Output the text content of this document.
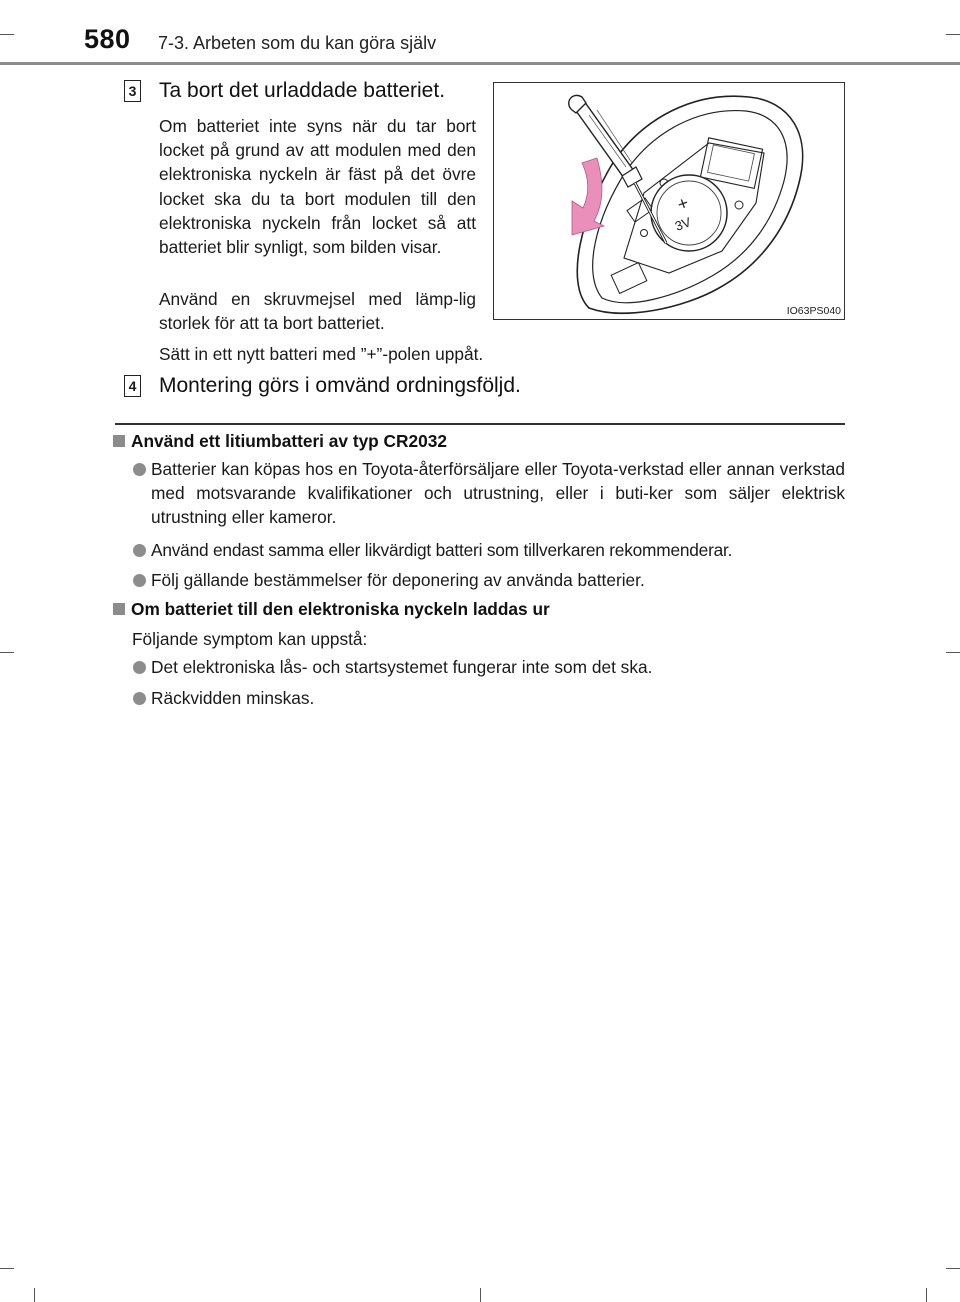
580 7-3. Arbeten som du kan göra själv
3 Ta bort det urladdade batteriet.
Om batteriet inte syns när du tar bort locket på grund av att modulen med den elektroniska nyckeln är fäst på det övre locket ska du ta bort modulen till den elektroniska nyckeln från locket så att batteriet blir synligt, som bilden visar.
Använd en skruvmejsel med lämp-lig storlek för att ta bort batteriet.
Sätt in ett nytt batteri med ”+”-polen uppåt.
+
3V
IO63PS040
4 Montering görs i omvänd ordningsföljd.
Använd ett litiumbatteri av typ CR2032
Batterier kan köpas hos en Toyota-återförsäljare eller Toyota-verkstad eller annan verkstad med motsvarande kvalifikationer och utrustning, eller i buti-ker som säljer elektrisk utrustning eller kameror.
Använd endast samma eller likvärdigt batteri som tillverkaren rekommenderar.
Följ gällande bestämmelser för deponering av använda batterier.
Om batteriet till den elektroniska nyckeln laddas ur
Följande symptom kan uppstå:
Det elektroniska lås- och startsystemet fungerar inte som det ska.
Räckvidden minskas.
